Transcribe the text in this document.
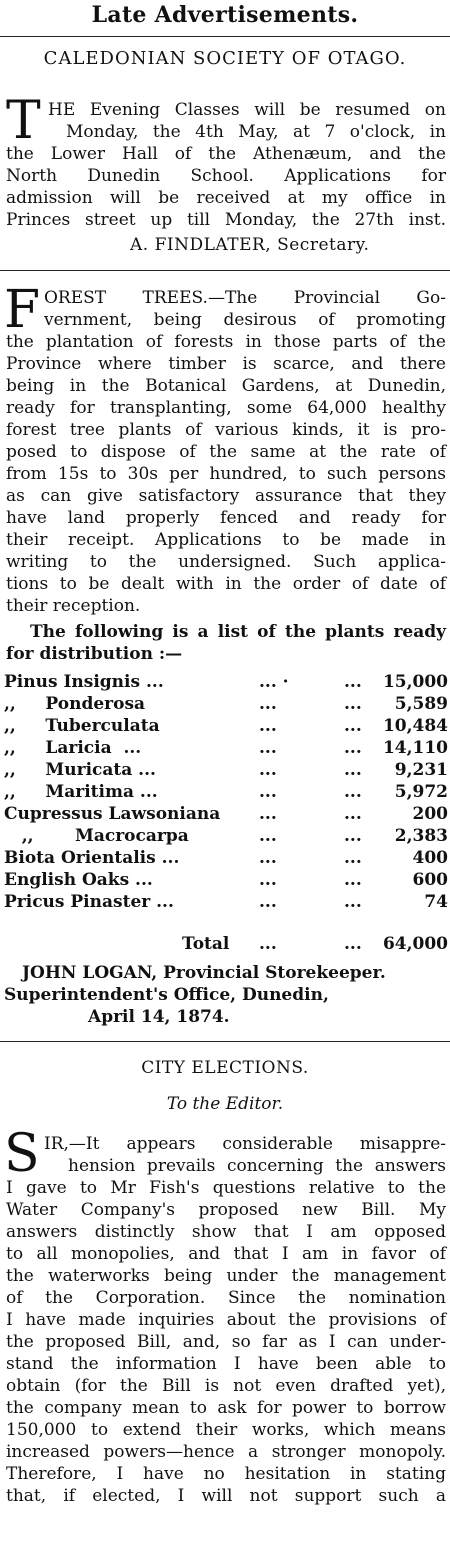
Late Advertisements.
CALEDONIAN SOCIETY OF OTAGO.
T HE Evening Classes will be resumed on
Monday, the 4th May, at 7 o'clock, in
the Lower Hall of the Athenæum, and the
North Dunedin School. Applications for
admission will be received at my office in
Princes street up till Monday, the 27th inst.
A. FINDLATER, Secretary.
F OREST TREES.—The Provincial Go-
vernment, being desirous of promoting
the plantation of forests in those parts of the
Province where timber is scarce, and there
being in the Botanical Gardens, at Dunedin,
ready for transplanting, some 64,000 healthy
forest tree plants of various kinds, it is pro-
posed to dispose of the same at the rate of
from 15s to 30s per hundred, to such persons
as can give satisfactory assurance that they
have land properly fenced and ready for
their receipt. Applications to be made in
writing to the undersigned. Such applica-
tions to be dealt with in the order of date of
their reception.
The following is a list of the plants ready
for distribution :—
Pinus Insignis ...	... ·	... 15,000
,,     Ponderosa	...	... 5,589
,,     Tuberculata	...	... 10,484
,,     Laricia  ...	...	... 14,110
,,     Muricata ...	...	... 9,231
,,     Maritima ...	...	... 5,972
Cupressus Lawsoniana ...	...	200
,,       Macrocarpa	...	... 2,383
Biota Orientalis ...	...	...	400
English Oaks ...	...	...	600
Pricus Pinaster ...	...	...	74
Total ...	... 64,000
JOHN LOGAN, Provincial Storekeeper.
Superintendent's Office, Dunedin,
April 14, 1874.
CITY ELECTIONS.
To the Editor.
S IR,—It appears considerable misappre-
hension prevails concerning the answers
I gave to Mr Fish's questions relative to the
Water Company's proposed new Bill. My
answers distinctly show that I am opposed
to all monopolies, and that I am in favor of
the waterworks being under the management
of the Corporation. Since the nomination
I have made inquiries about the provisions of
the proposed Bill, and, so far as I can under-
stand the information I have been able to
obtain (for the Bill is not even drafted yet),
the company mean to ask for power to borrow
150,000 to extend their works, which means
increased powers—hence a stronger monopoly.
Therefore, I have no hesitation in stating
that, if elected, I will not support such a
